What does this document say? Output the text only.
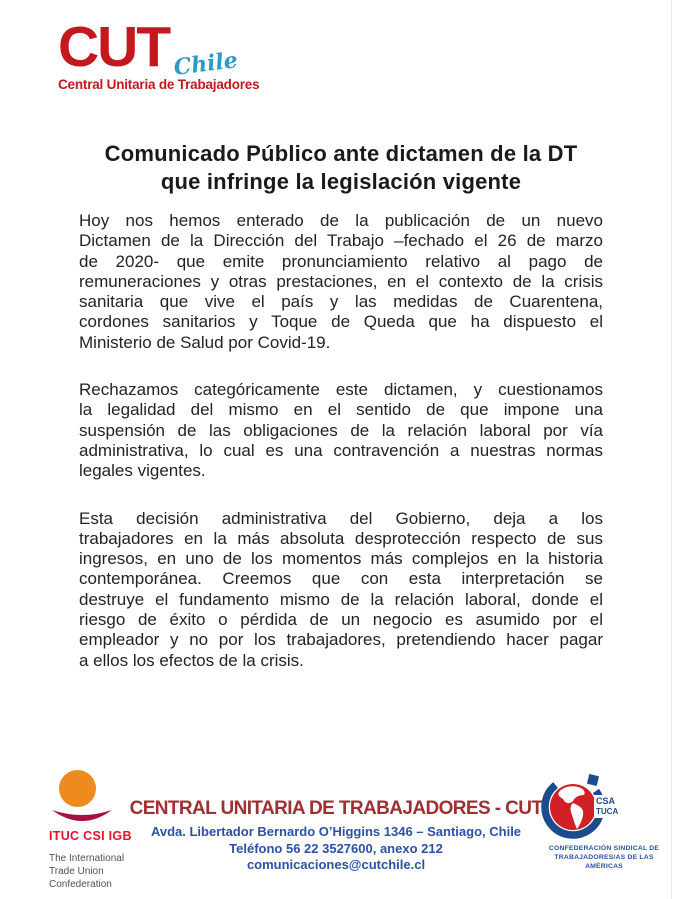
CUT Chile
Central Unitaria de Trabajadores
Comunicado Público ante dictamen de la DT
que infringe la legislación vigente
Hoy nos hemos enterado de la publicación de un nuevo
Dictamen de la Dirección del Trabajo –fechado el 26 de marzo
de 2020- que emite pronunciamiento relativo al pago de
remuneraciones y otras prestaciones, en el contexto de la crisis
sanitaria que vive el país y las medidas de Cuarentena,
cordones sanitarios y Toque de Queda que ha dispuesto el
Ministerio de Salud por Covid-19.
Rechazamos categóricamente este dictamen, y cuestionamos
la legalidad del mismo en el sentido de que impone una
suspensión de las obligaciones de la relación laboral por vía
administrativa, lo cual es una contravención a nuestras normas
legales vigentes.
Esta decisión administrativa del Gobierno, deja a los
trabajadores en la más absoluta desprotección respecto de sus
ingresos, en uno de los momentos más complejos en la historia
contemporánea. Creemos que con esta interpretación se
destruye el fundamento mismo de la relación laboral, donde el
riesgo de éxito o pérdida de un negocio es asumido por el
empleador y no por los trabajadores, pretendiendo hacer pagar
a ellos los efectos de la crisis.
ITUC CSI IGB
The International
Trade Union
Confederation
CENTRAL UNITARIA DE TRABAJADORES - CUT
Avda. Libertador Bernardo O’Higgins 1346 – Santiago, Chile
Teléfono 56 22 3527600, anexo 212
comunicaciones@cutchile.cl
CSA
TUCA
CONFEDERACIÓN SINDICAL DE
TRABAJADORES/AS DE LAS AMÉRICAS
